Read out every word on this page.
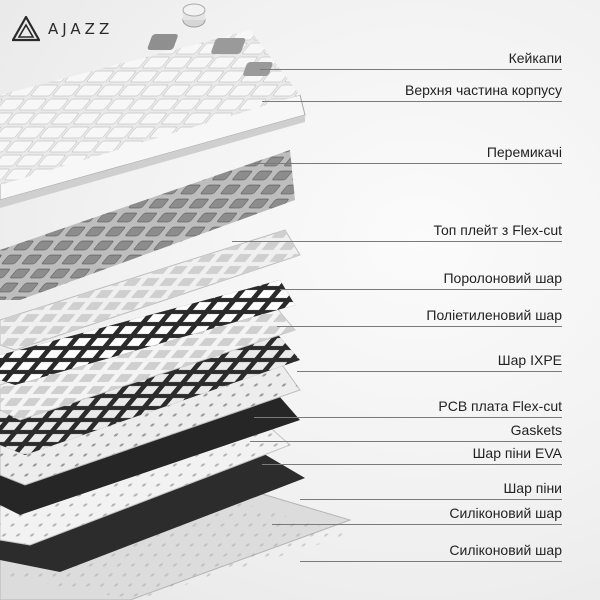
AJAZZ
Кейкапи
Верхня частина корпусу
Перемикачі
Топ плейт з Flex-cut
Поролоновий шар
Поліетиленовий шар
Шар IXPE
PCB плата Flex-cut
Gaskets
Шар піни EVA
Шар піни
Силіконовий шар
Силіконовий шар
